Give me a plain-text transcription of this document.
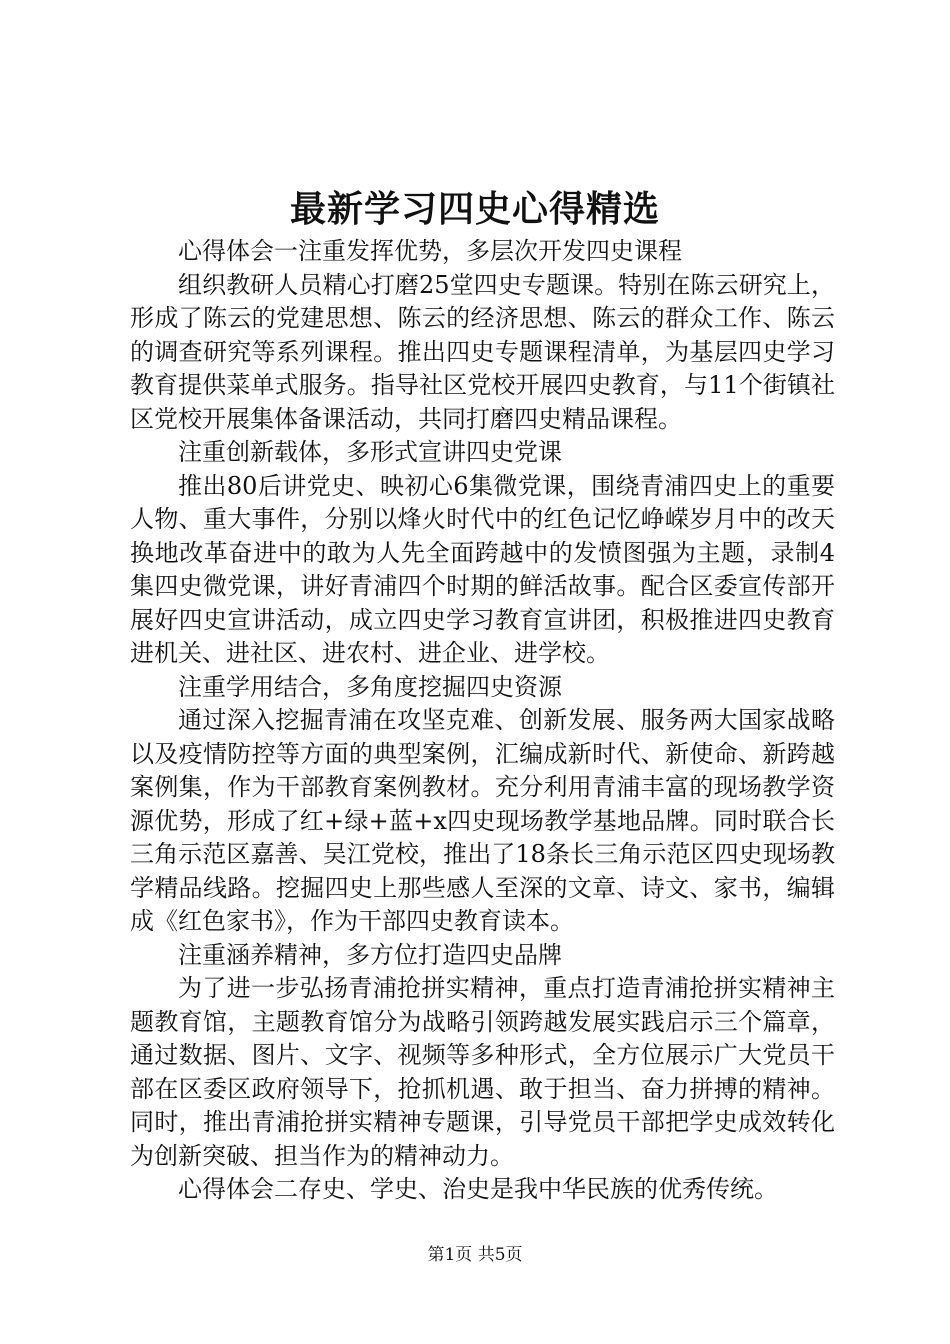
最新学习四史心得精选

心得体会一注重发挥优势，多层次开发四史课程

组织教研人员精心打磨25堂四史专题课。特别在陈云研究上，形成了陈云的党建思想、陈云的经济思想、陈云的群众工作、陈云的调查研究等系列课程。推出四史专题课程清单，为基层四史学习教育提供菜单式服务。指导社区党校开展四史教育，与11个街镇社区党校开展集体备课活动，共同打磨四史精品课程。

注重创新载体，多形式宣讲四史党课

推出80后讲党史、映初心6集微党课，围绕青浦四史上的重要人物、重大事件，分别以烽火时代中的红色记忆峥嵘岁月中的改天换地改革奋进中的敢为人先全面跨越中的发愤图强为主题，录制4集四史微党课，讲好青浦四个时期的鲜活故事。配合区委宣传部开展好四史宣讲活动，成立四史学习教育宣讲团，积极推进四史教育进机关、进社区、进农村、进企业、进学校。

注重学用结合，多角度挖掘四史资源

通过深入挖掘青浦在攻坚克难、创新发展、服务两大国家战略以及疫情防控等方面的典型案例，汇编成新时代、新使命、新跨越案例集，作为干部教育案例教材。充分利用青浦丰富的现场教学资源优势，形成了红+绿+蓝+x四史现场教学基地品牌。同时联合长三角示范区嘉善、吴江党校，推出了18条长三角示范区四史现场教学精品线路。挖掘四史上那些感人至深的文章、诗文、家书，编辑成《红色家书》，作为干部四史教育读本。

注重涵养精神，多方位打造四史品牌

为了进一步弘扬青浦抢拼实精神，重点打造青浦抢拼实精神主题教育馆，主题教育馆分为战略引领跨越发展实践启示三个篇章，通过数据、图片、文字、视频等多种形式，全方位展示广大党员干部在区委区政府领导下，抢抓机遇、敢于担当、奋力拼搏的精神。同时，推出青浦抢拼实精神专题课，引导党员干部把学史成效转化为创新突破、担当作为的精神动力。

心得体会二存史、学史、治史是我中华民族的优秀传统。

第1页 共5页
